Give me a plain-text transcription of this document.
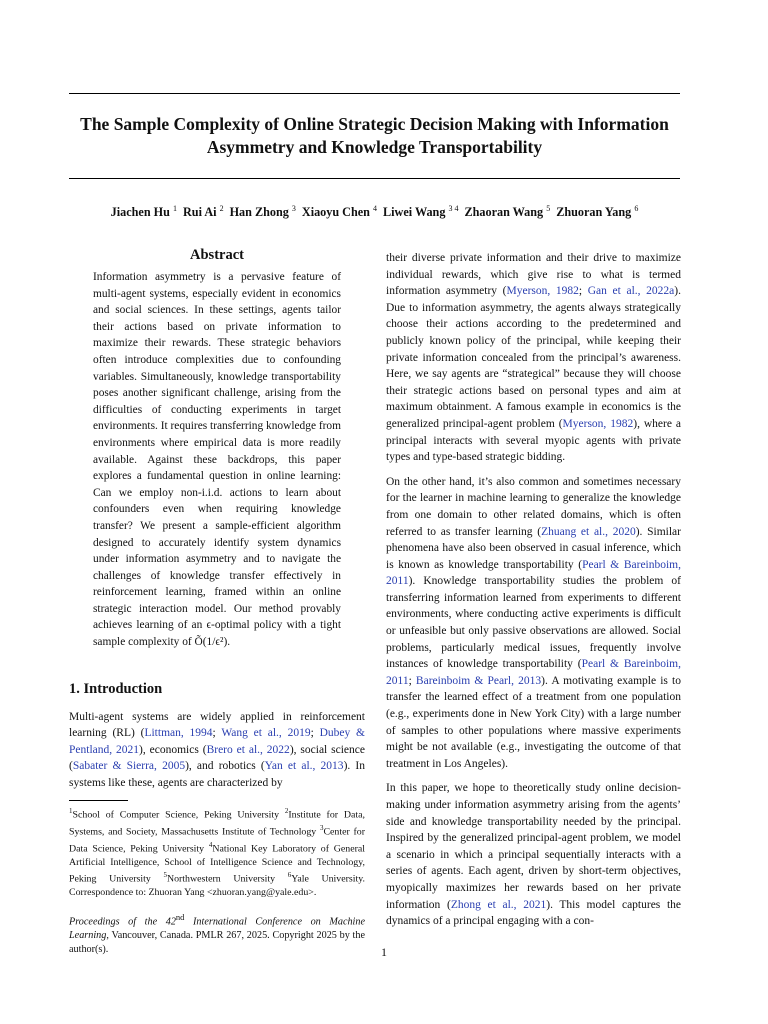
The Sample Complexity of Online Strategic Decision Making with Information Asymmetry and Knowledge Transportability
Jiachen Hu $^1$ Rui Ai $^2$ Han Zhong $^3$ Xiaoyu Chen $^4$ Liwei Wang $^{3 4}$ Zhaoran Wang $^5$ Zhuoran Yang $^6$
Abstract
Information asymmetry is a pervasive feature of multi-agent systems, especially evident in economics and social sciences. In these settings, agents tailor their actions based on private information to maximize their rewards. These strategic behaviors often introduce complexities due to confounding variables. Simultaneously, knowledge transportability poses another significant challenge, arising from the difficulties of conducting experiments in target environments. It requires transferring knowledge from environments where empirical data is more readily available. Against these backdrops, this paper explores a fundamental question in online learning: Can we employ non-i.i.d. actions to learn about confounders even when requiring knowledge transfer? We present a sample-efficient algorithm designed to accurately identify system dynamics under information asymmetry and to navigate the challenges of knowledge transfer effectively in reinforcement learning, framed within an online strategic interaction model. Our method provably achieves learning of an ϵ-optimal policy with a tight sample complexity of Õ(1/ϵ²).
1. Introduction
Multi-agent systems are widely applied in reinforcement learning (RL) (Littman, 1994; Wang et al., 2019; Dubey & Pentland, 2021), economics (Brero et al., 2022), social science (Sabater & Sierra, 2005), and robotics (Yan et al., 2013). In systems like these, agents are characterized by
$^1$School of Computer Science, Peking University $^2$Institute for Data, Systems, and Society, Massachusetts Institute of Technology $^3$Center for Data Science, Peking University $^4$National Key Laboratory of General Artificial Intelligence, School of Intelligence Science and Technology, Peking University $^5$Northwestern University $^6$Yale University. Correspondence to: Zhuoran Yang <zhuoran.yang@yale.edu>.
Proceedings of the 42nd International Conference on Machine Learning, Vancouver, Canada. PMLR 267, 2025. Copyright 2025 by the author(s).
their diverse private information and their drive to maximize individual rewards, which give rise to what is termed information asymmetry (Myerson, 1982; Gan et al., 2022a). Due to information asymmetry, the agents always strategically choose their actions according to the predetermined and publicly known policy of the principal, while keeping their private information concealed from the principal’s awareness. Here, we say agents are “strategical” because they will choose their strategic actions based on personal types and aim at maximum obtainment. A famous example in economics is the generalized principal-agent problem (Myerson, 1982), where a principal interacts with several myopic agents with private types and type-based strategic bidding.
On the other hand, it’s also common and sometimes necessary for the learner in machine learning to generalize the knowledge from one domain to other related domains, which is often referred to as transfer learning (Zhuang et al., 2020). Similar phenomena have also been observed in casual inference, which is known as knowledge transportability (Pearl & Bareinboim, 2011). Knowledge transportability studies the problem of transferring information learned from experiments to different environments, where conducting active experiments is difficult or unfeasible but only passive observations are allowed. Social problems, particularly medical issues, frequently involve instances of knowledge transportability (Pearl & Bareinboim, 2011; Bareinboim & Pearl, 2013). A motivating example is to transfer the learned effect of a treatment from one population (e.g., experiments done in New York City) with a large number of samples to other populations where massive experiments might be not available (e.g., investigating the outcome of that treatment in Los Angeles).
In this paper, we hope to theoretically study online decision-making under information asymmetry arising from the agents’ side and knowledge transportability needed by the principal. Inspired by the generalized principal-agent problem, we model a scenario in which a principal sequentially interacts with a series of agents. Each agent, driven by short-term objectives, myopically maximizes her rewards based on her private information (Zhong et al., 2021). This model captures the dynamics of a principal engaging with a con-
1
